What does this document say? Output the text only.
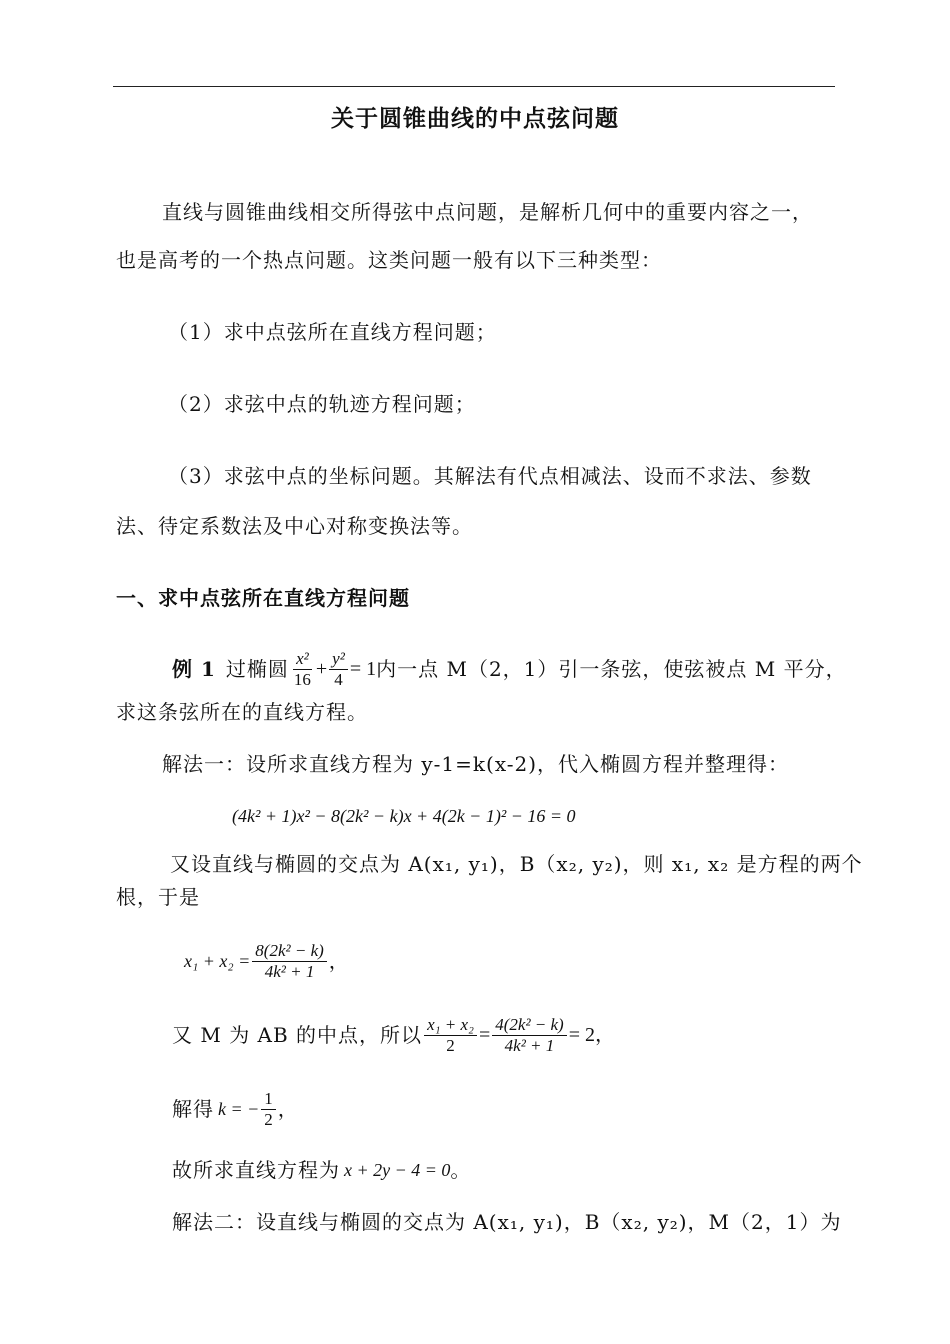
关于圆锥曲线的中点弦问题
直线与圆锥曲线相交所得弦中点问题，是解析几何中的重要内容之一，
也是高考的一个热点问题。这类问题一般有以下三种类型：
（1）求中点弦所在直线方程问题；
（2）求弦中点的轨迹方程问题；
（3）求弦中点的坐标问题。其解法有代点相减法、设而不求法、参数
法、待定系数法及中心对称变换法等。
一、求中点弦所在直线方程问题
例 1 过椭圆 $\frac{\text{x²}}{16} + \frac{\text{y²}}{4} = 1$ 内一点 M（2，1）引一条弦，使弦被点 M 平分，
求这条弦所在的直线方程。
解法一：设所求直线方程为 y-1=k(x-2)，代入椭圆方程并整理得：
(4k² + 1)x² − 8(2k² − k)x + 4(2k − 1)² − 16 = 0
又设直线与椭圆的交点为 A(x₁, y₁)，B（x₂, y₂)，则 x₁, x₂ 是方程的两个
根，于是
$x_1 + x_2 = \frac{\text{8(2k² − k)}}{\text{4k² + 1}}$ ，
又 M 为 AB 的中点，所以 $\frac{\text{x₁ + x₂}}{2} = \frac{\text{4(2k² − k)}}{\text{4k² + 1}} = 2$，
解得 k = − $\frac{1}{2}$ ，
故所求直线方程为 x + 2y − 4 = 0 。
解法二：设直线与椭圆的交点为 A(x₁, y₁)，B（x₂, y₂)，M（2，1）为
